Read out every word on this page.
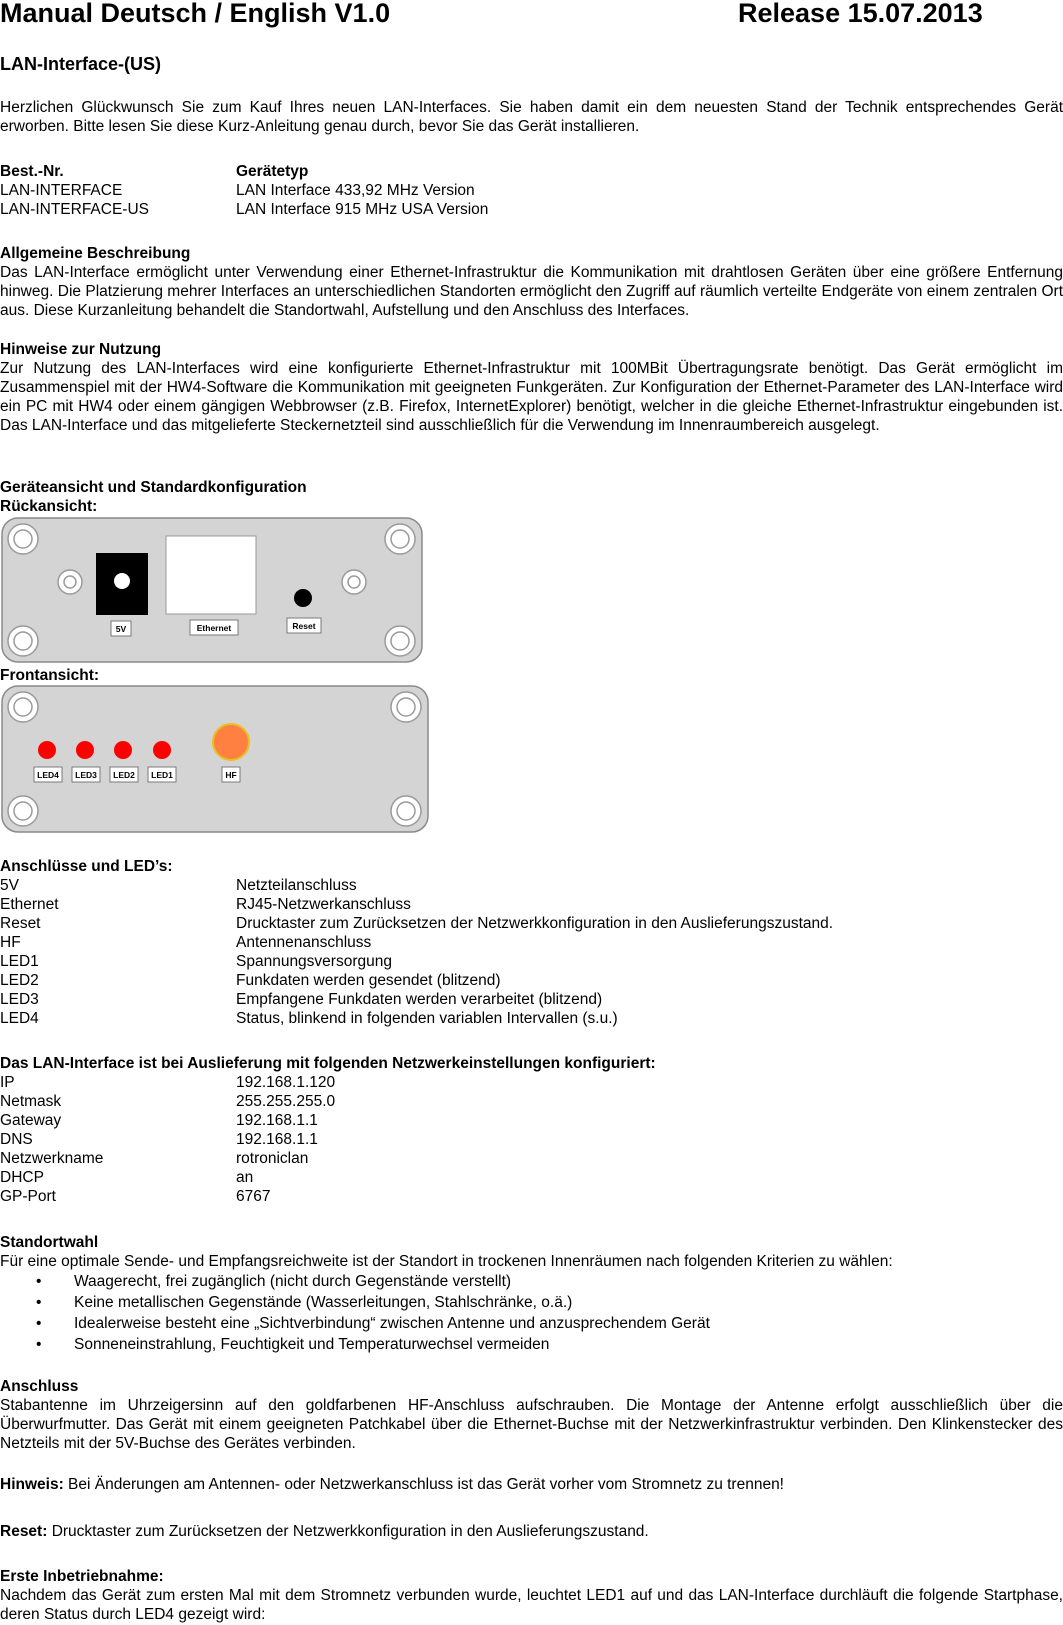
Manual Deutsch / English V1.0	Release 15.07.2013
LAN-Interface-(US)
Herzlichen Glückwunsch Sie zum Kauf Ihres neuen LAN-Interfaces. Sie haben damit ein dem neuesten Stand der Technik entsprechendes Gerät erworben. Bitte lesen Sie diese Kurz-Anleitung genau durch, bevor Sie das Gerät installieren.
Best.-Nr.	Gerätetyp
LAN-INTERFACE	LAN Interface 433,92 MHz Version
LAN-INTERFACE-US	LAN Interface 915 MHz USA Version
Allgemeine Beschreibung
Das LAN-Interface ermöglicht unter Verwendung einer Ethernet-Infrastruktur die Kommunikation mit drahtlosen Geräten über eine größere Entfernung hinweg. Die Platzierung mehrer Interfaces an unterschiedlichen Standorten ermöglicht den Zugriff auf räumlich verteilte Endgeräte von einem zentralen Ort aus. Diese Kurzanleitung behandelt die Standortwahl, Aufstellung und den Anschluss des Interfaces.
Hinweise zur Nutzung
Zur Nutzung des LAN-Interfaces wird eine konfigurierte Ethernet-Infrastruktur mit 100MBit Übertragungsrate benötigt. Das Gerät ermöglicht im Zusammenspiel mit der HW4-Software die Kommunikation mit geeigneten Funkgeräten. Zur Konfiguration der Ethernet-Parameter des LAN-Interface wird ein PC mit HW4 oder einem gängigen Webbrowser (z.B. Firefox, InternetExplorer) benötigt, welcher in die gleiche Ethernet-Infrastruktur eingebunden ist. Das LAN-Interface und das mitgelieferte Steckernetzteil sind ausschließlich für die Verwendung im Innenraumbereich ausgelegt.
Geräteansicht und Standardkonfiguration
Rückansicht:
5V	Ethernet	Reset
Frontansicht:
LED4 LED3 LED2 LED1	HF
Anschlüsse und LED’s:
5V	Netzteilanschluss
Ethernet	RJ45-Netzwerkanschluss
Reset	Drucktaster zum Zurücksetzen der Netzwerkkonfiguration in den Auslieferungszustand.
HF	Antennenanschluss
LED1	Spannungsversorgung
LED2	Funkdaten werden gesendet (blitzend)
LED3	Empfangene Funkdaten werden verarbeitet (blitzend)
LED4	Status, blinkend in folgenden variablen Intervallen (s.u.)
Das LAN-Interface ist bei Auslieferung mit folgenden Netzwerkeinstellungen konfiguriert:
IP	192.168.1.120
Netmask	255.255.255.0
Gateway	192.168.1.1
DNS	192.168.1.1
Netzwerkname	rotroniclan
DHCP	an
GP-Port	6767
Standortwahl
Für eine optimale Sende- und Empfangsreichweite ist der Standort in trockenen Innenräumen nach folgenden Kriterien zu wählen:
• Waagerecht, frei zugänglich (nicht durch Gegenstände verstellt)
• Keine metallischen Gegenstände (Wasserleitungen, Stahlschränke, o.ä.)
• Idealerweise besteht eine „Sichtverbindung“ zwischen Antenne und anzusprechendem Gerät
• Sonneneinstrahlung, Feuchtigkeit und Temperaturwechsel vermeiden
Anschluss
Stabantenne im Uhrzeigersinn auf den goldfarbenen HF-Anschluss aufschrauben. Die Montage der Antenne erfolgt ausschließlich über die Überwurfmutter. Das Gerät mit einem geeigneten Patchkabel über die Ethernet-Buchse mit der Netzwerkinfrastruktur verbinden. Den Klinkenstecker des Netzteils mit der 5V-Buchse des Gerätes verbinden.
Hinweis: Bei Änderungen am Antennen- oder Netzwerkanschluss ist das Gerät vorher vom Stromnetz zu trennen!
Reset: Drucktaster zum Zurücksetzen der Netzwerkkonfiguration in den Auslieferungszustand.
Erste Inbetriebnahme:
Nachdem das Gerät zum ersten Mal mit dem Stromnetz verbunden wurde, leuchtet LED1 auf und das LAN-Interface durchläuft die folgende Startphase, deren Status durch LED4 gezeigt wird:
